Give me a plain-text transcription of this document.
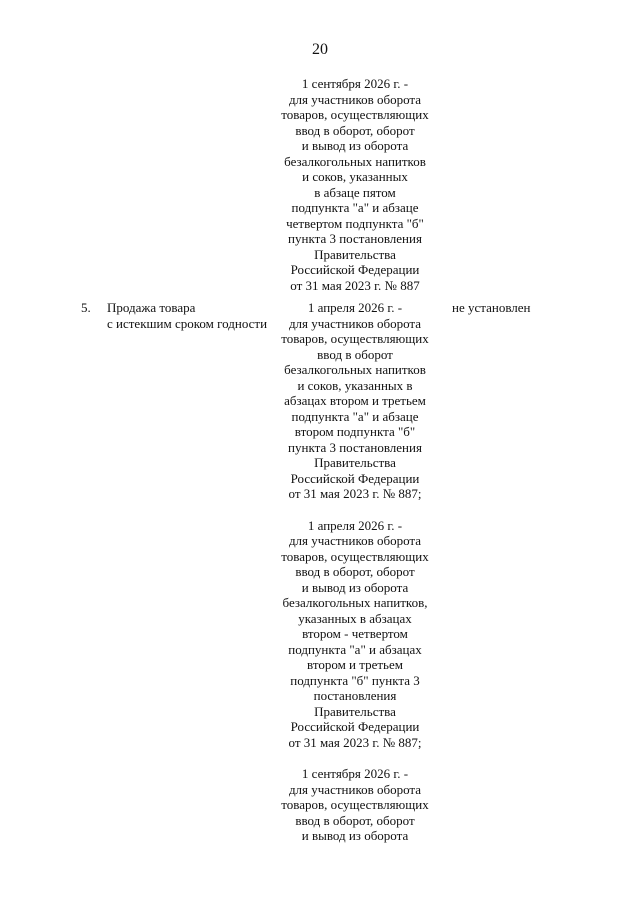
20
1 сентября 2026 г. -
для участников оборота
товаров, осуществляющих
ввод в оборот, оборот
и вывод из оборота
безалкогольных напитков
и соков, указанных
в абзаце пятом
подпункта "а" и абзаце
четвертом подпункта "б"
пункта 3 постановления
Правительства
Российской Федерации
от 31 мая 2023 г. № 887
5. Продажа товара
с истекшим сроком годности
1 апреля 2026 г. -
для участников оборота
товаров, осуществляющих
ввод в оборот
безалкогольных напитков
и соков, указанных в
абзацах втором и третьем
подпункта "а" и абзаце
втором подпункта "б"
пункта 3 постановления
Правительства
Российской Федерации
от 31 мая 2023 г. № 887;
1 апреля 2026 г. -
для участников оборота
товаров, осуществляющих
ввод в оборот, оборот
и вывод из оборота
безалкогольных напитков,
указанных в абзацах
втором - четвертом
подпункта "а" и абзацах
втором и третьем
подпункта "б" пункта 3
постановления
Правительства
Российской Федерации
от 31 мая 2023 г. № 887;
1 сентября 2026 г. -
для участников оборота
товаров, осуществляющих
ввод в оборот, оборот
и вывод из оборота
не установлен
